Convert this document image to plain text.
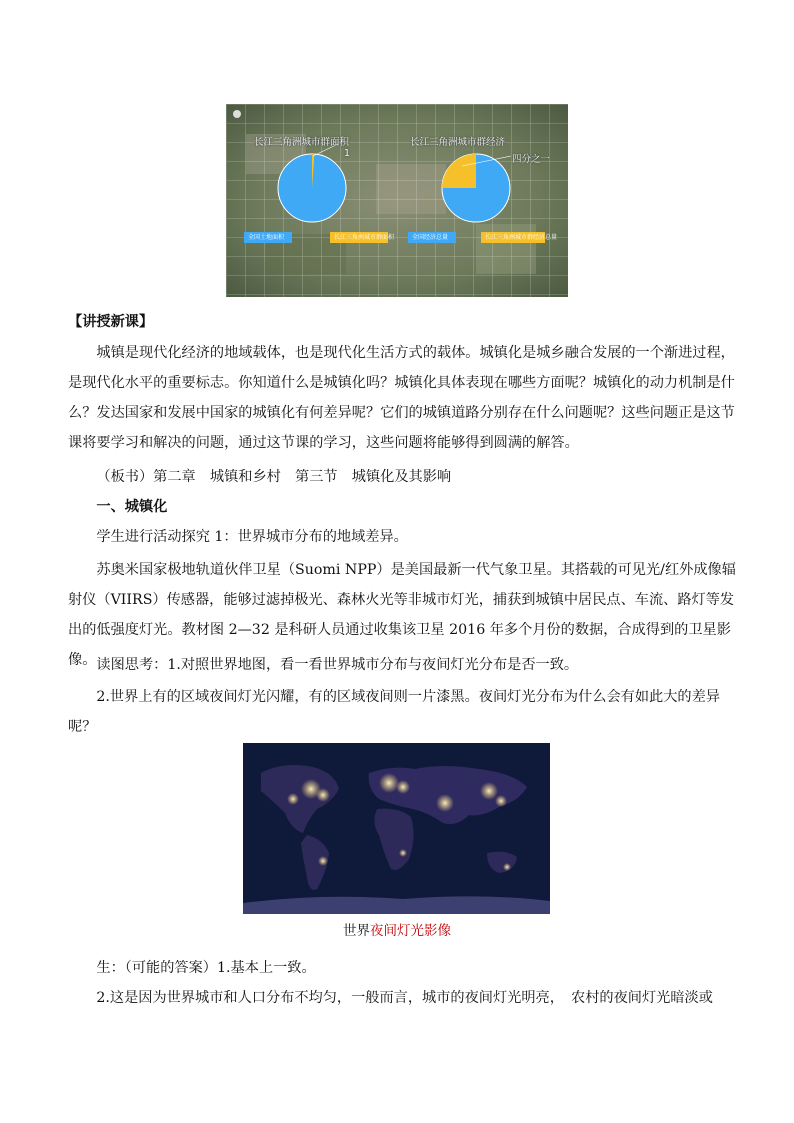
长江三角洲城市群面积
1
长江三角洲城市群经济
四分之一
全国土地面积	长江三角洲城市群面积	全国经济总量	长江三角洲城市群经济总量
【讲授新课】
城镇是现代化经济的地域载体，也是现代化生活方式的载体。城镇化是城乡融合发展的一个渐进过程，是现代化水平的重要标志。你知道什么是城镇化吗？城镇化具体表现在哪些方面呢？城镇化的动力机制是什么？发达国家和发展中国家的城镇化有何差异呢？它们的城镇道路分别存在什么问题呢？这些问题正是这节课将要学习和解决的问题，通过这节课的学习，这些问题将能够得到圆满的解答。
（板书）第二章　城镇和乡村　第三节　城镇化及其影响
一、城镇化
学生进行活动探究 1：世界城市分布的地域差异。
苏奥米国家极地轨道伙伴卫星（Suomi NPP）是美国最新一代气象卫星。其搭载的可见光/红外成像辐射仪（VIIRS）传感器，能够过滤掉极光、森林火光等非城市灯光，捕获到城镇中居民点、车流、路灯等发出的低强度灯光。教材图 2—32 是科研人员通过收集该卫星 2016 年多个月份的数据，合成得到的卫星影像。 读图思考：1.对照世界地图，看一看世界城市分布与夜间灯光分布是否一致。
2.世界上有的区域夜间灯光闪耀，有的区域夜间则一片漆黑。夜间灯光分布为什么会有如此大的差异呢？
世界夜间灯光影像
生：（可能的答案）1.基本上一致。
2.这是因为世界城市和人口分布不均匀，一般而言，城市的夜间灯光明亮，　农村的夜间灯光暗淡或
